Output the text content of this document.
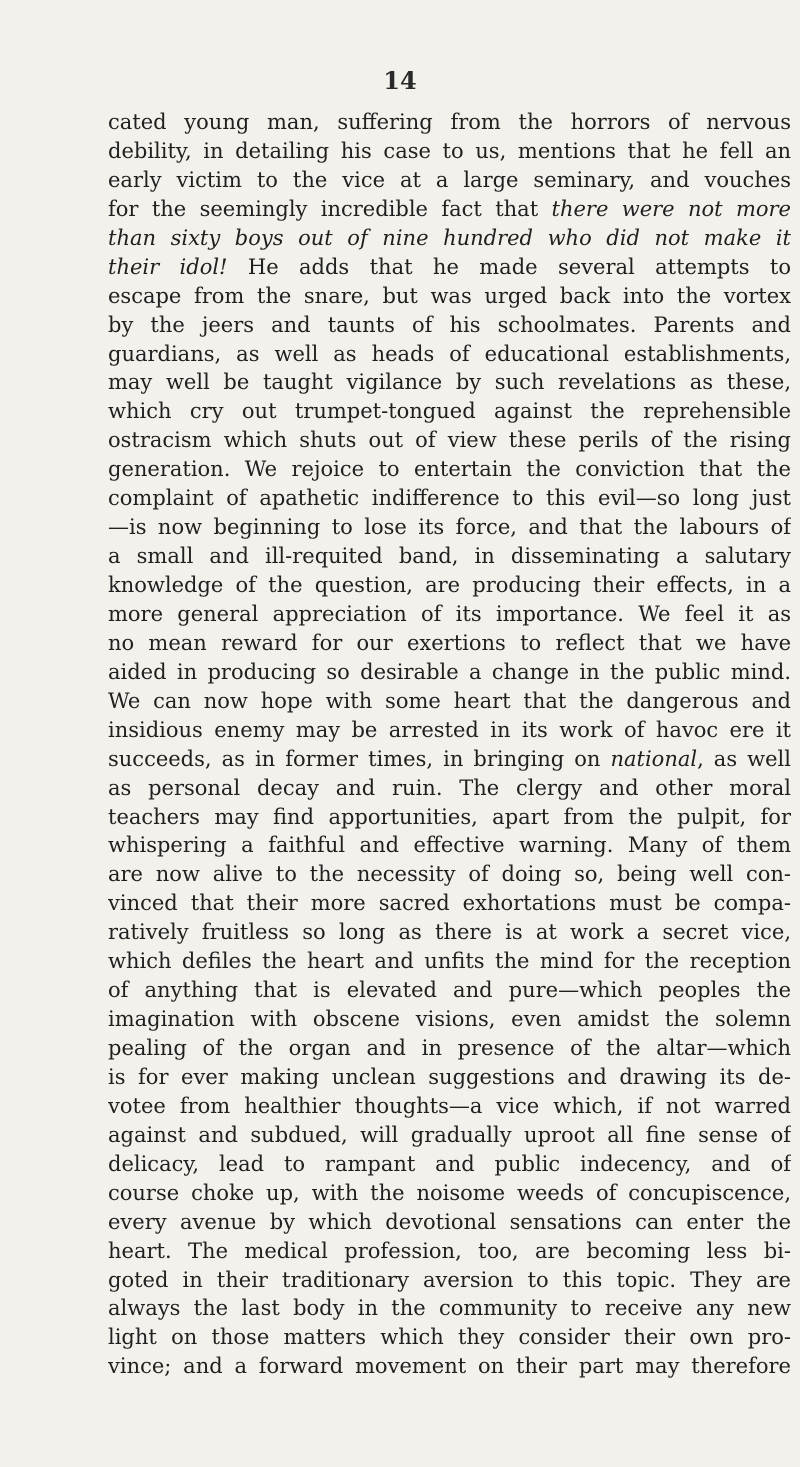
14
cated young man, suffering from the horrors of nervous
debility, in detailing his case to us, mentions that he fell an
early victim to the vice at a large seminary, and vouches
for the seemingly incredible fact that there were not more
than sixty boys out of nine hundred who did not make it
their idol! He adds that he made several attempts to
escape from the snare, but was urged back into the vortex
by the jeers and taunts of his schoolmates. Parents and
guardians, as well as heads of educational establishments,
may well be taught vigilance by such revelations as these,
which cry out trumpet-tongued against the reprehensible
ostracism which shuts out of view these perils of the rising
generation. We rejoice to entertain the conviction that the
complaint of apathetic indifference to this evil—so long just
—is now beginning to lose its force, and that the labours of
a small and ill-requited band, in disseminating a salutary
knowledge of the question, are producing their effects, in a
more general appreciation of its importance. We feel it as
no mean reward for our exertions to reflect that we have
aided in producing so desirable a change in the public mind.
We can now hope with some heart that the dangerous and
insidious enemy may be arrested in its work of havoc ere it
succeeds, as in former times, in bringing on national, as well
as personal decay and ruin. The clergy and other moral
teachers may find apportunities, apart from the pulpit, for
whispering a faithful and effective warning. Many of them
are now alive to the necessity of doing so, being well con-
vinced that their more sacred exhortations must be compa-
ratively fruitless so long as there is at work a secret vice,
which defiles the heart and unfits the mind for the reception
of anything that is elevated and pure—which peoples the
imagination with obscene visions, even amidst the solemn
pealing of the organ and in presence of the altar—which
is for ever making unclean suggestions and drawing its de-
votee from healthier thoughts—a vice which, if not warred
against and subdued, will gradually uproot all fine sense of
delicacy, lead to rampant and public indecency, and of
course choke up, with the noisome weeds of concupiscence,
every avenue by which devotional sensations can enter the
heart. The medical profession, too, are becoming less bi-
goted in their traditionary aversion to this topic. They are
always the last body in the community to receive any new
light on those matters which they consider their own pro-
vince; and a forward movement on their part may therefore
